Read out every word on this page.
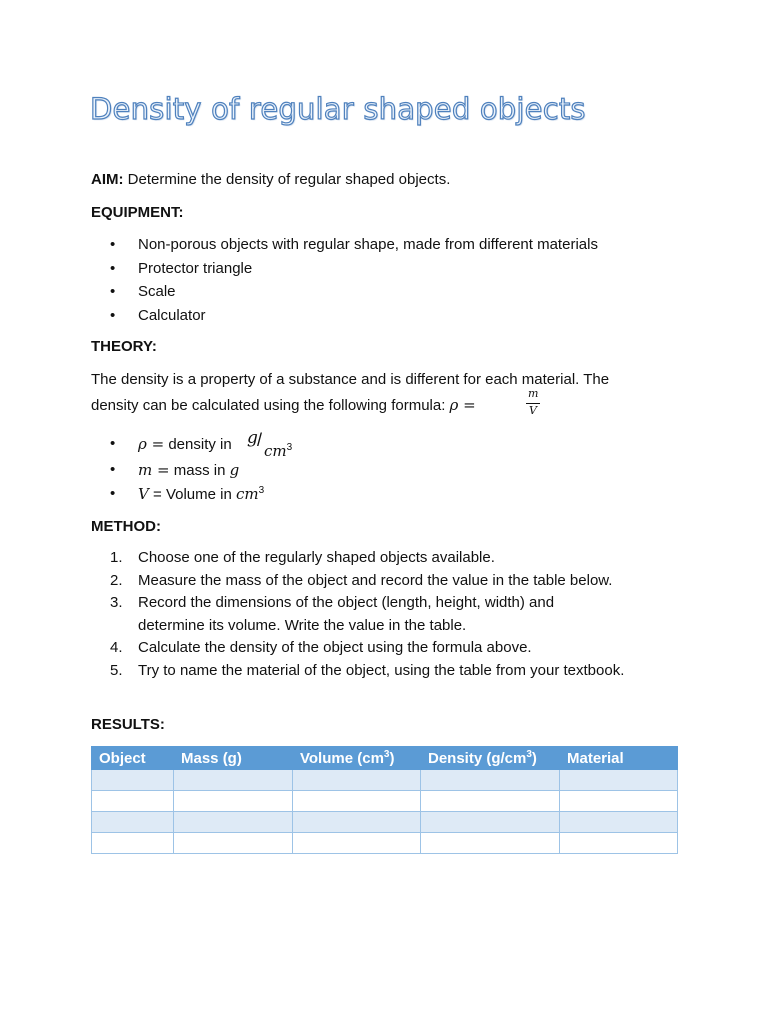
Density of regular shaped objects
AIM: Determine the density of regular shaped objects.
EQUIPMENT:
• Non-porous objects with regular shape, made from different materials
• Protector triangle
• Scale
• Calculator
THEORY:
The density is a property of a substance and is different for each material. The
density can be calculated using the following formula: ρ =
m
V
• ρ = density in g /
$cm^3$
• m = mass in g
• V = Volume in $cm^3$
METHOD:
1. Choose one of the regularly shaped objects available.
2. Measure the mass of the object and record the value in the table below.
3. Record the dimensions of the object (length, height, width) and determine its volume. Write the value in the table.
4. Calculate the density of the object using the formula above.
5. Try to name the material of the object, using the table from your textbook.
RESULTS:
Object	Mass (g)	Volume $(cm^3)$	Density $(g/cm^3)$	Material
